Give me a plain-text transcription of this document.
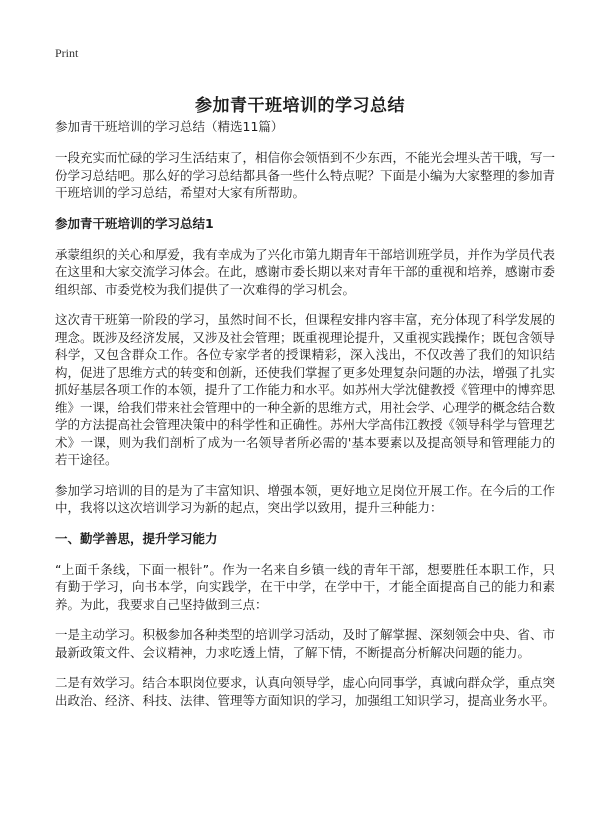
Print
参加青干班培训的学习总结
参加青干班培训的学习总结（精选11篇）

一段充实而忙碌的学习生活结束了，相信你会领悟到不少东西，不能光会埋头苦干哦，写一份学习总结吧。那么好的学习总结都具备一些什么特点呢？下面是小编为大家整理的参加青干班培训的学习总结，希望对大家有所帮助。

参加青干班培训的学习总结1

承蒙组织的关心和厚爱，我有幸成为了兴化市第九期青年干部培训班学员，并作为学员代表在这里和大家交流学习体会。在此，感谢市委长期以来对青年干部的重视和培养，感谢市委组织部、市委党校为我们提供了一次难得的学习机会。

这次青干班第一阶段的学习，虽然时间不长，但课程安排内容丰富，充分体现了科学发展的理念。既涉及经济发展，又涉及社会管理；既重视理论提升，又重视实践操作；既包含领导科学，又包含群众工作。各位专家学者的授课精彩，深入浅出，不仅改善了我们的知识结构，促进了思维方式的转变和创新，还使我们掌握了更多处理复杂问题的办法，增强了扎实抓好基层各项工作的本领，提升了工作能力和水平。如苏州大学沈健教授《管理中的博弈思维》一课，给我们带来社会管理中的一种全新的思维方式，用社会学、心理学的概念结合数学的方法提高社会管理决策中的科学性和正确性。苏州大学高伟江教授《领导科学与管理艺术》一课，则为我们剖析了成为一名领导者所必需的'基本要素以及提高领导和管理能力的若干途径。

参加学习培训的目的是为了丰富知识、增强本领，更好地立足岗位开展工作。在今后的工作中，我将以这次培训学习为新的起点，突出学以致用，提升三种能力：

一、勤学善思，提升学习能力

“上面千条线，下面一根针”。作为一名来自乡镇一线的青年干部，想要胜任本职工作，只有勤于学习，向书本学，向实践学，在干中学，在学中干，才能全面提高自己的能力和素养。为此，我要求自己坚持做到三点：

一是主动学习。积极参加各种类型的培训学习活动，及时了解掌握、深刻领会中央、省、市最新政策文件、会议精神，力求吃透上情，了解下情，不断提高分析解决问题的能力。

二是有效学习。结合本职岗位要求，认真向领导学，虚心向同事学，真诚向群众学，重点突出政治、经济、科技、法律、管理等方面知识的学习，加强组工知识学习，提高业务水平。
